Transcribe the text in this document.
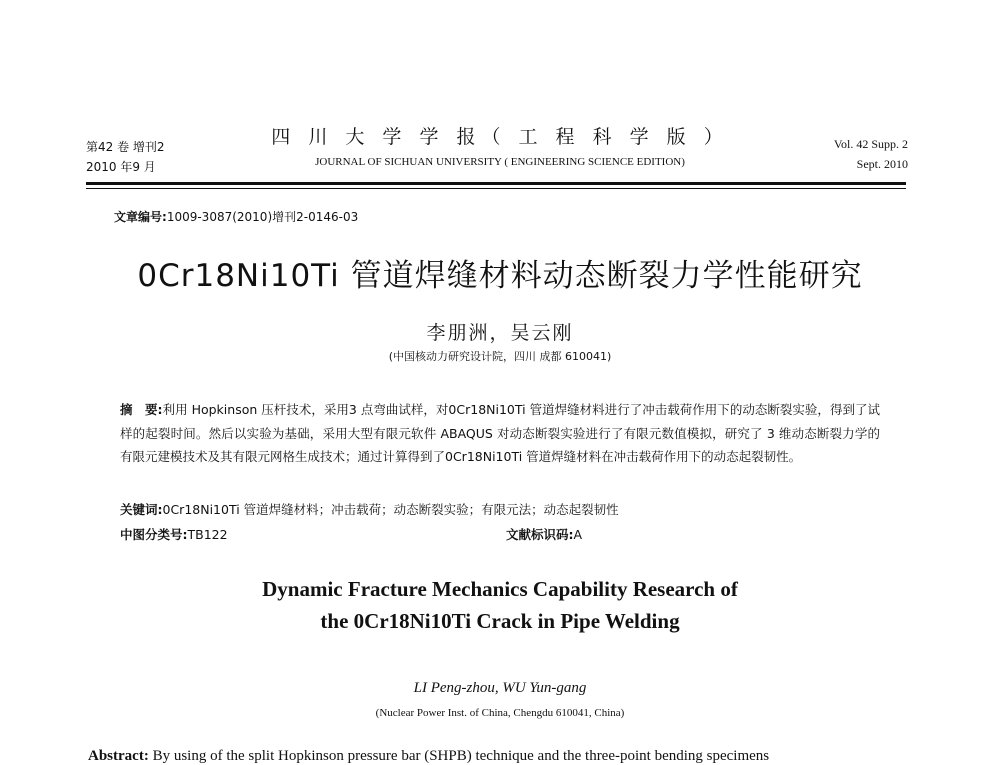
第42 卷 增刊2
2010 年9 月
四 川 大 学 学 报（ 工 程 科 学 版 ）
JOURNAL OF SICHUAN UNIVERSITY ( ENGINEERING SCIENCE EDITION)
Vol. 42 Supp. 2
Sept. 2010
文章编号:1009-3087(2010)增刊2-0146-03
0Cr18Ni10Ti 管道焊缝材料动态断裂力学性能研究
李朋洲，吴云刚
(中国核动力研究设计院，四川 成都 610041)
摘　要:利用 Hopkinson 压杆技术，采用3 点弯曲试样，对0Cr18Ni10Ti 管道焊缝材料进行了冲击载荷作用下的动态断裂实验，得到了试样的起裂时间。然后以实验为基础，采用大型有限元软件 ABAQUS 对动态断裂实验进行了有限元数值模拟，研究了 3 维动态断裂力学的有限元建模技术及其有限元网格生成技术；通过计算得到了0Cr18Ni10Ti 管道焊缝材料在冲击载荷作用下的动态起裂韧性。
关键词:0Cr18Ni10Ti 管道焊缝材料；冲击载荷；动态断裂实验；有限元法；动态起裂韧性
中图分类号:TB122	文献标识码:A
Dynamic Fracture Mechanics Capability Research of
the 0Cr18Ni10Ti Crack in Pipe Welding
LI Peng-zhou, WU Yun-gang
(Nuclear Power Inst. of China, Chengdu 610041, China)
Abstract: By using of the split Hopkinson pressure bar (SHPB) technique and the three-point bending specimens
